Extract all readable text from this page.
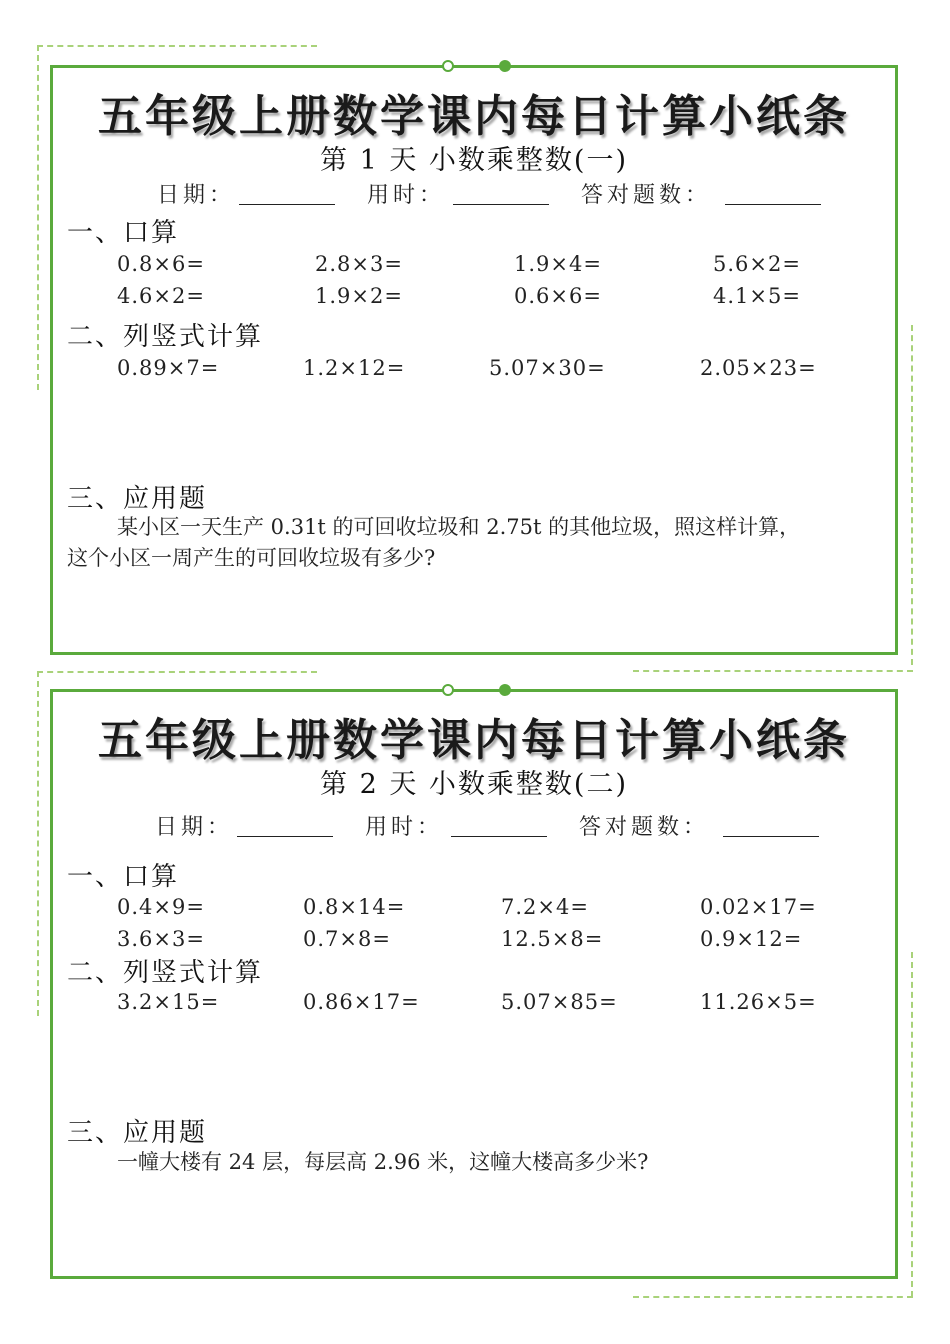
五年级上册数学课内每日计算小纸条
第 1 天 小数乘整数(一)
日期：	用时：	答对题数：
一、口算
0.8×6=	2.8×3=	1.9×4=	5.6×2=
4.6×2=	1.9×2=	0.6×6=	4.1×5=
二、列竖式计算
0.89×7=	1.2×12=	5.07×30=	2.05×23=
三、应用题
某小区一天生产 0.31t 的可回收垃圾和 2.75t 的其他垃圾，照这样计算，
这个小区一周产生的可回收垃圾有多少?
五年级上册数学课内每日计算小纸条
第 2 天 小数乘整数(二)
日期：	用时：	答对题数：
一、口算
0.4×9=	0.8×14=	7.2×4=	0.02×17=
3.6×3=	0.7×8=	12.5×8=	0.9×12=
二、列竖式计算
3.2×15=	0.86×17=	5.07×85=	11.26×5=
三、应用题
一幢大楼有 24 层，每层高 2.96 米，这幢大楼高多少米?
